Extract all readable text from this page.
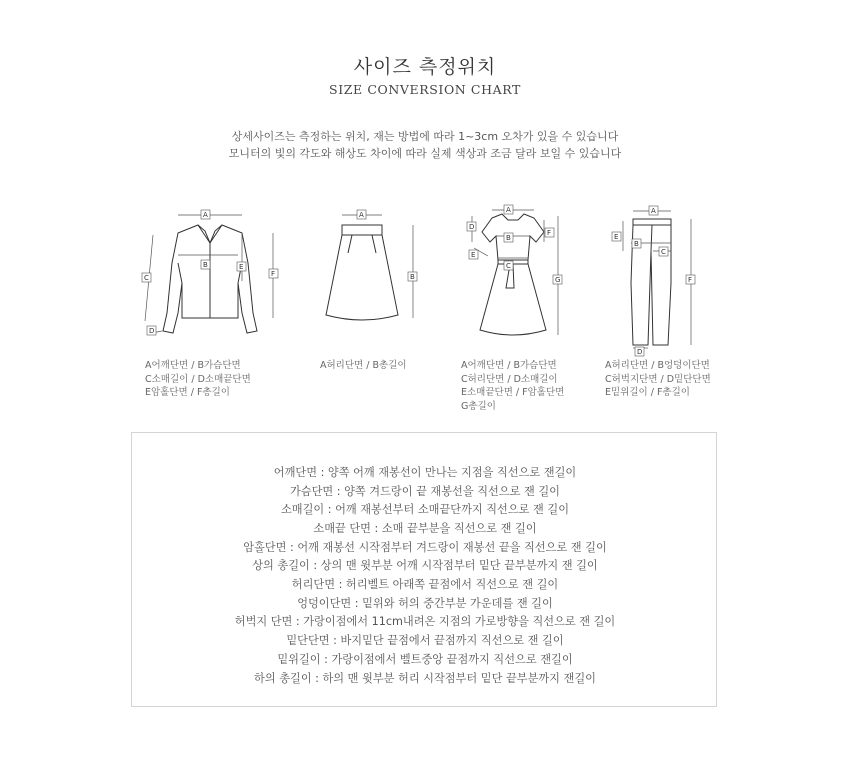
사이즈 측정위치
SIZE CONVERSION CHART
상세사이즈는 측정하는 위치, 재는 방법에 따라 1~3cm 오차가 있을 수 있습니다
모니터의 빛의 각도와 해상도 차이에 따라 실제 색상과 조금 달라 보일 수 있습니다
A
B
C
D
E
F
A어깨단면 / B가슴단면
C소매길이 / D소매끝단면
E암홀단면 / F총길이
A
B
A허리단면 / B총길이
A
B
C
D
E
F
G
A어깨단면 / B가슴단면
C허리단면 / D소매길이
E소매끝단면 / F암홀단면
G총길이
A
B
C
D
E
F
A허리단면 / B엉덩이단면
C허벅지단면 / D밑단단면
E밑위길이 / F총길이
어깨단면 : 양쪽 어깨 재봉선이 만나는 지점을 직선으로 잰길이
가슴단면 : 양쪽 겨드랑이 끝 재봉선을 직선으로 잰 길이
소매길이 : 어깨 재봉선부터 소매끝단까지 직선으로 잰 길이
소매끝 단면 : 소매 끝부분을 직선으로 잰 길이
암홀단면 : 어깨 재봉선 시작점부터 겨드랑이 재봉선 끝을 직선으로 잰 길이
상의 총길이 : 상의 맨 윗부분 어깨 시작점부터 밑단 끝부분까지 잰 길이
허리단면 : 허리벨트 아래쪽 끝점에서 직선으로 잰 길이
엉덩이단면 : 밑위와 허의 중간부분 가운데를 잰 길이
허벅지 단면 : 가랑이점에서 11cm내려온 지점의 가로방향을 직선으로 잰 길이
밑단단면 : 바지밑단 끝점에서 끝점까지 직선으로 잰 길이
밑위길이 : 가랑이점에서 벨트중앙 끝점까지 직선으로 잰길이
하의 총길이 : 하의 맨 윗부분 허리 시작점부터 밑단 끝부분까지 잰길이
